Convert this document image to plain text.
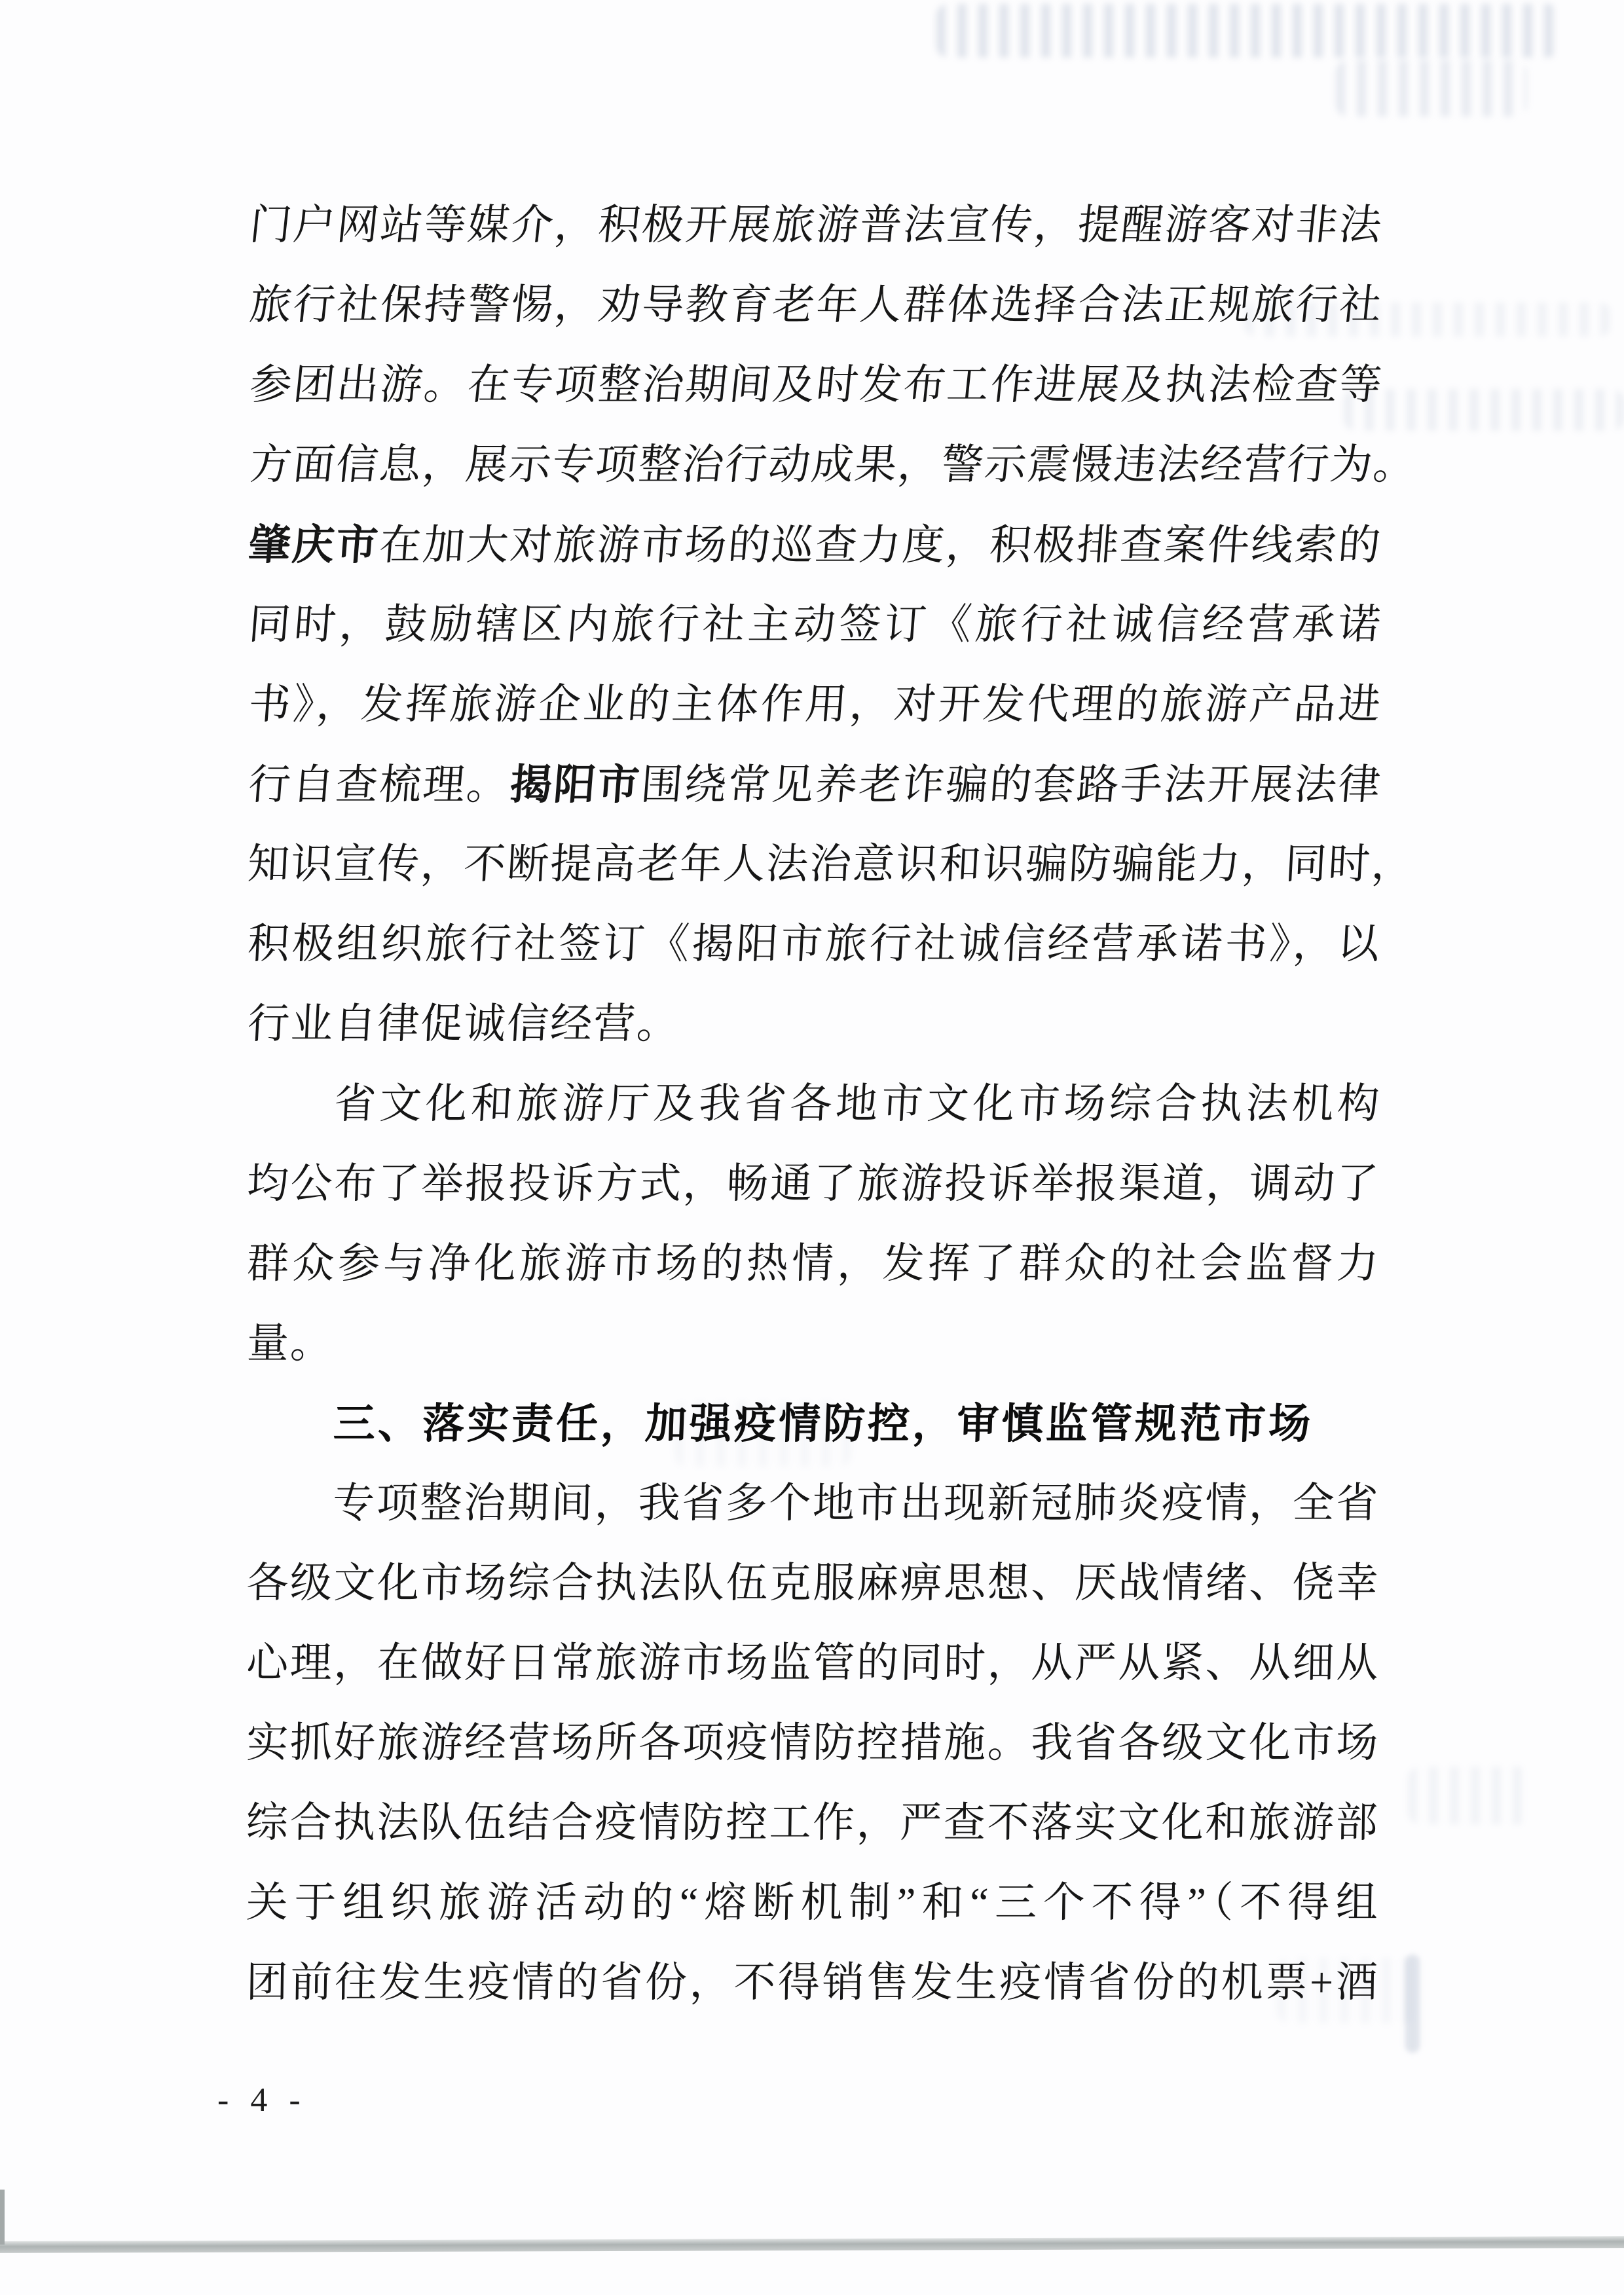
门户网站等媒介，积极开展旅游普法宣传，提醒游客对非法
旅行社保持警惕，劝导教育老年人群体选择合法正规旅行社
参团出游。在专项整治期间及时发布工作进展及执法检查等
方面信息，展示专项整治行动成果，警示震慑违法经营行为。
肇庆市在加大对旅游市场的巡查力度，积极排查案件线索的
同时，鼓励辖区内旅行社主动签订《旅行社诚信经营承诺
书》，发挥旅游企业的主体作用，对开发代理的旅游产品进
行自查梳理。揭阳市围绕常见养老诈骗的套路手法开展法律
知识宣传，不断提高老年人法治意识和识骗防骗能力，同时，
积极组织旅行社签订《揭阳市旅行社诚信经营承诺书》，以
行业自律促诚信经营。
省文化和旅游厅及我省各地市文化市场综合执法机构
均公布了举报投诉方式，畅通了旅游投诉举报渠道，调动了
群众参与净化旅游市场的热情，发挥了群众的社会监督力
量。
三、落实责任，加强疫情防控，审慎监管规范市场
专项整治期间，我省多个地市出现新冠肺炎疫情，全省
各级文化市场综合执法队伍克服麻痹思想、厌战情绪、侥幸
心理，在做好日常旅游市场监管的同时，从严从紧、从细从
实抓好旅游经营场所各项疫情防控措施。我省各级文化市场
综合执法队伍结合疫情防控工作，严查不落实文化和旅游部
关于组织旅游活动的“熔断机制”和“三个不得”（不得组
团前往发生疫情的省份，不得销售发生疫情省份的机票+酒
- 4 -
